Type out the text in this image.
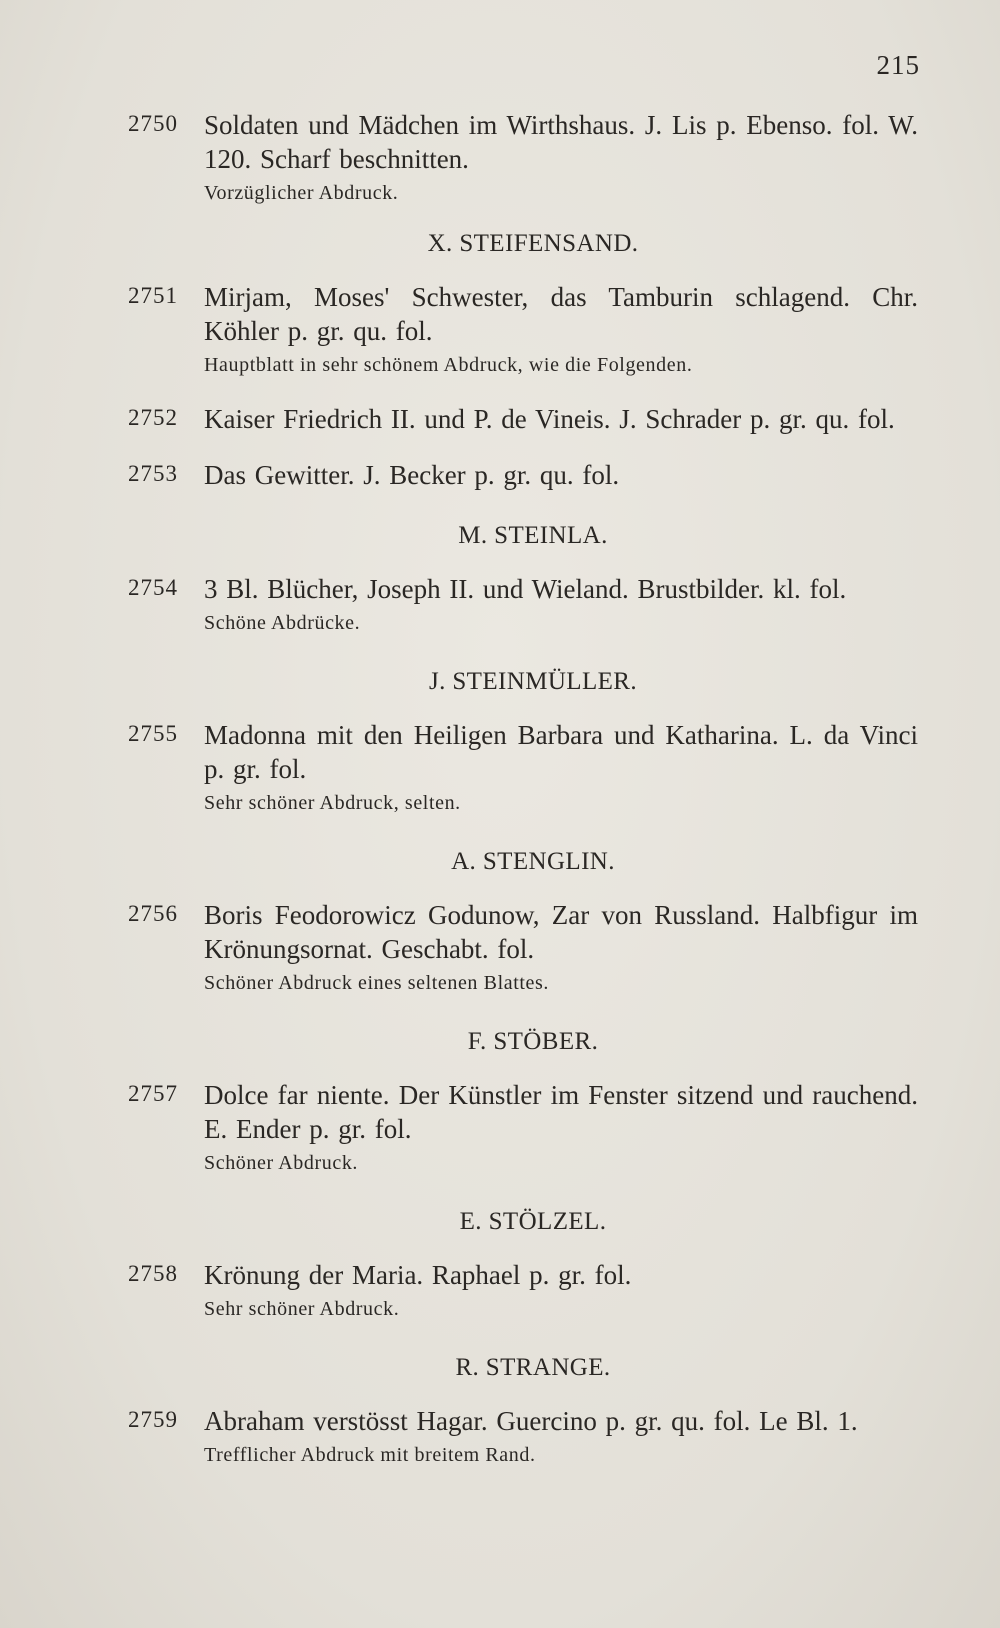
215
2750 Soldaten und Mädchen im Wirthshaus. J. Lis p. Ebenso. fol. W. 120. Scharf beschnitten.
Vorzüglicher Abdruck.
X. STEIFENSAND.
2751 Mirjam, Moses' Schwester, das Tamburin schlagend. Chr. Köhler p. gr. qu. fol.
Hauptblatt in sehr schönem Abdruck, wie die Folgenden.
2752 Kaiser Friedrich II. und P. de Vineis. J. Schrader p. gr. qu. fol.
2753 Das Gewitter. J. Becker p. gr. qu. fol.
M. STEINLA.
2754 3 Bl. Blücher, Joseph II. und Wieland. Brustbilder. kl. fol.
Schöne Abdrücke.
J. STEINMÜLLER.
2755 Madonna mit den Heiligen Barbara und Katharina. L. da Vinci p. gr. fol.
Sehr schöner Abdruck, selten.
A. STENGLIN.
2756 Boris Feodorowicz Godunow, Zar von Russland. Halbfigur im Krönungsornat. Geschabt. fol.
Schöner Abdruck eines seltenen Blattes.
F. STÖBER.
2757 Dolce far niente. Der Künstler im Fenster sitzend und rauchend. E. Ender p. gr. fol.
Schöner Abdruck.
E. STÖLZEL.
2758 Krönung der Maria. Raphael p. gr. fol.
Sehr schöner Abdruck.
R. STRANGE.
2759 Abraham verstösst Hagar. Guercino p. gr. qu. fol. Le Bl. 1.
Trefflicher Abdruck mit breitem Rand.
